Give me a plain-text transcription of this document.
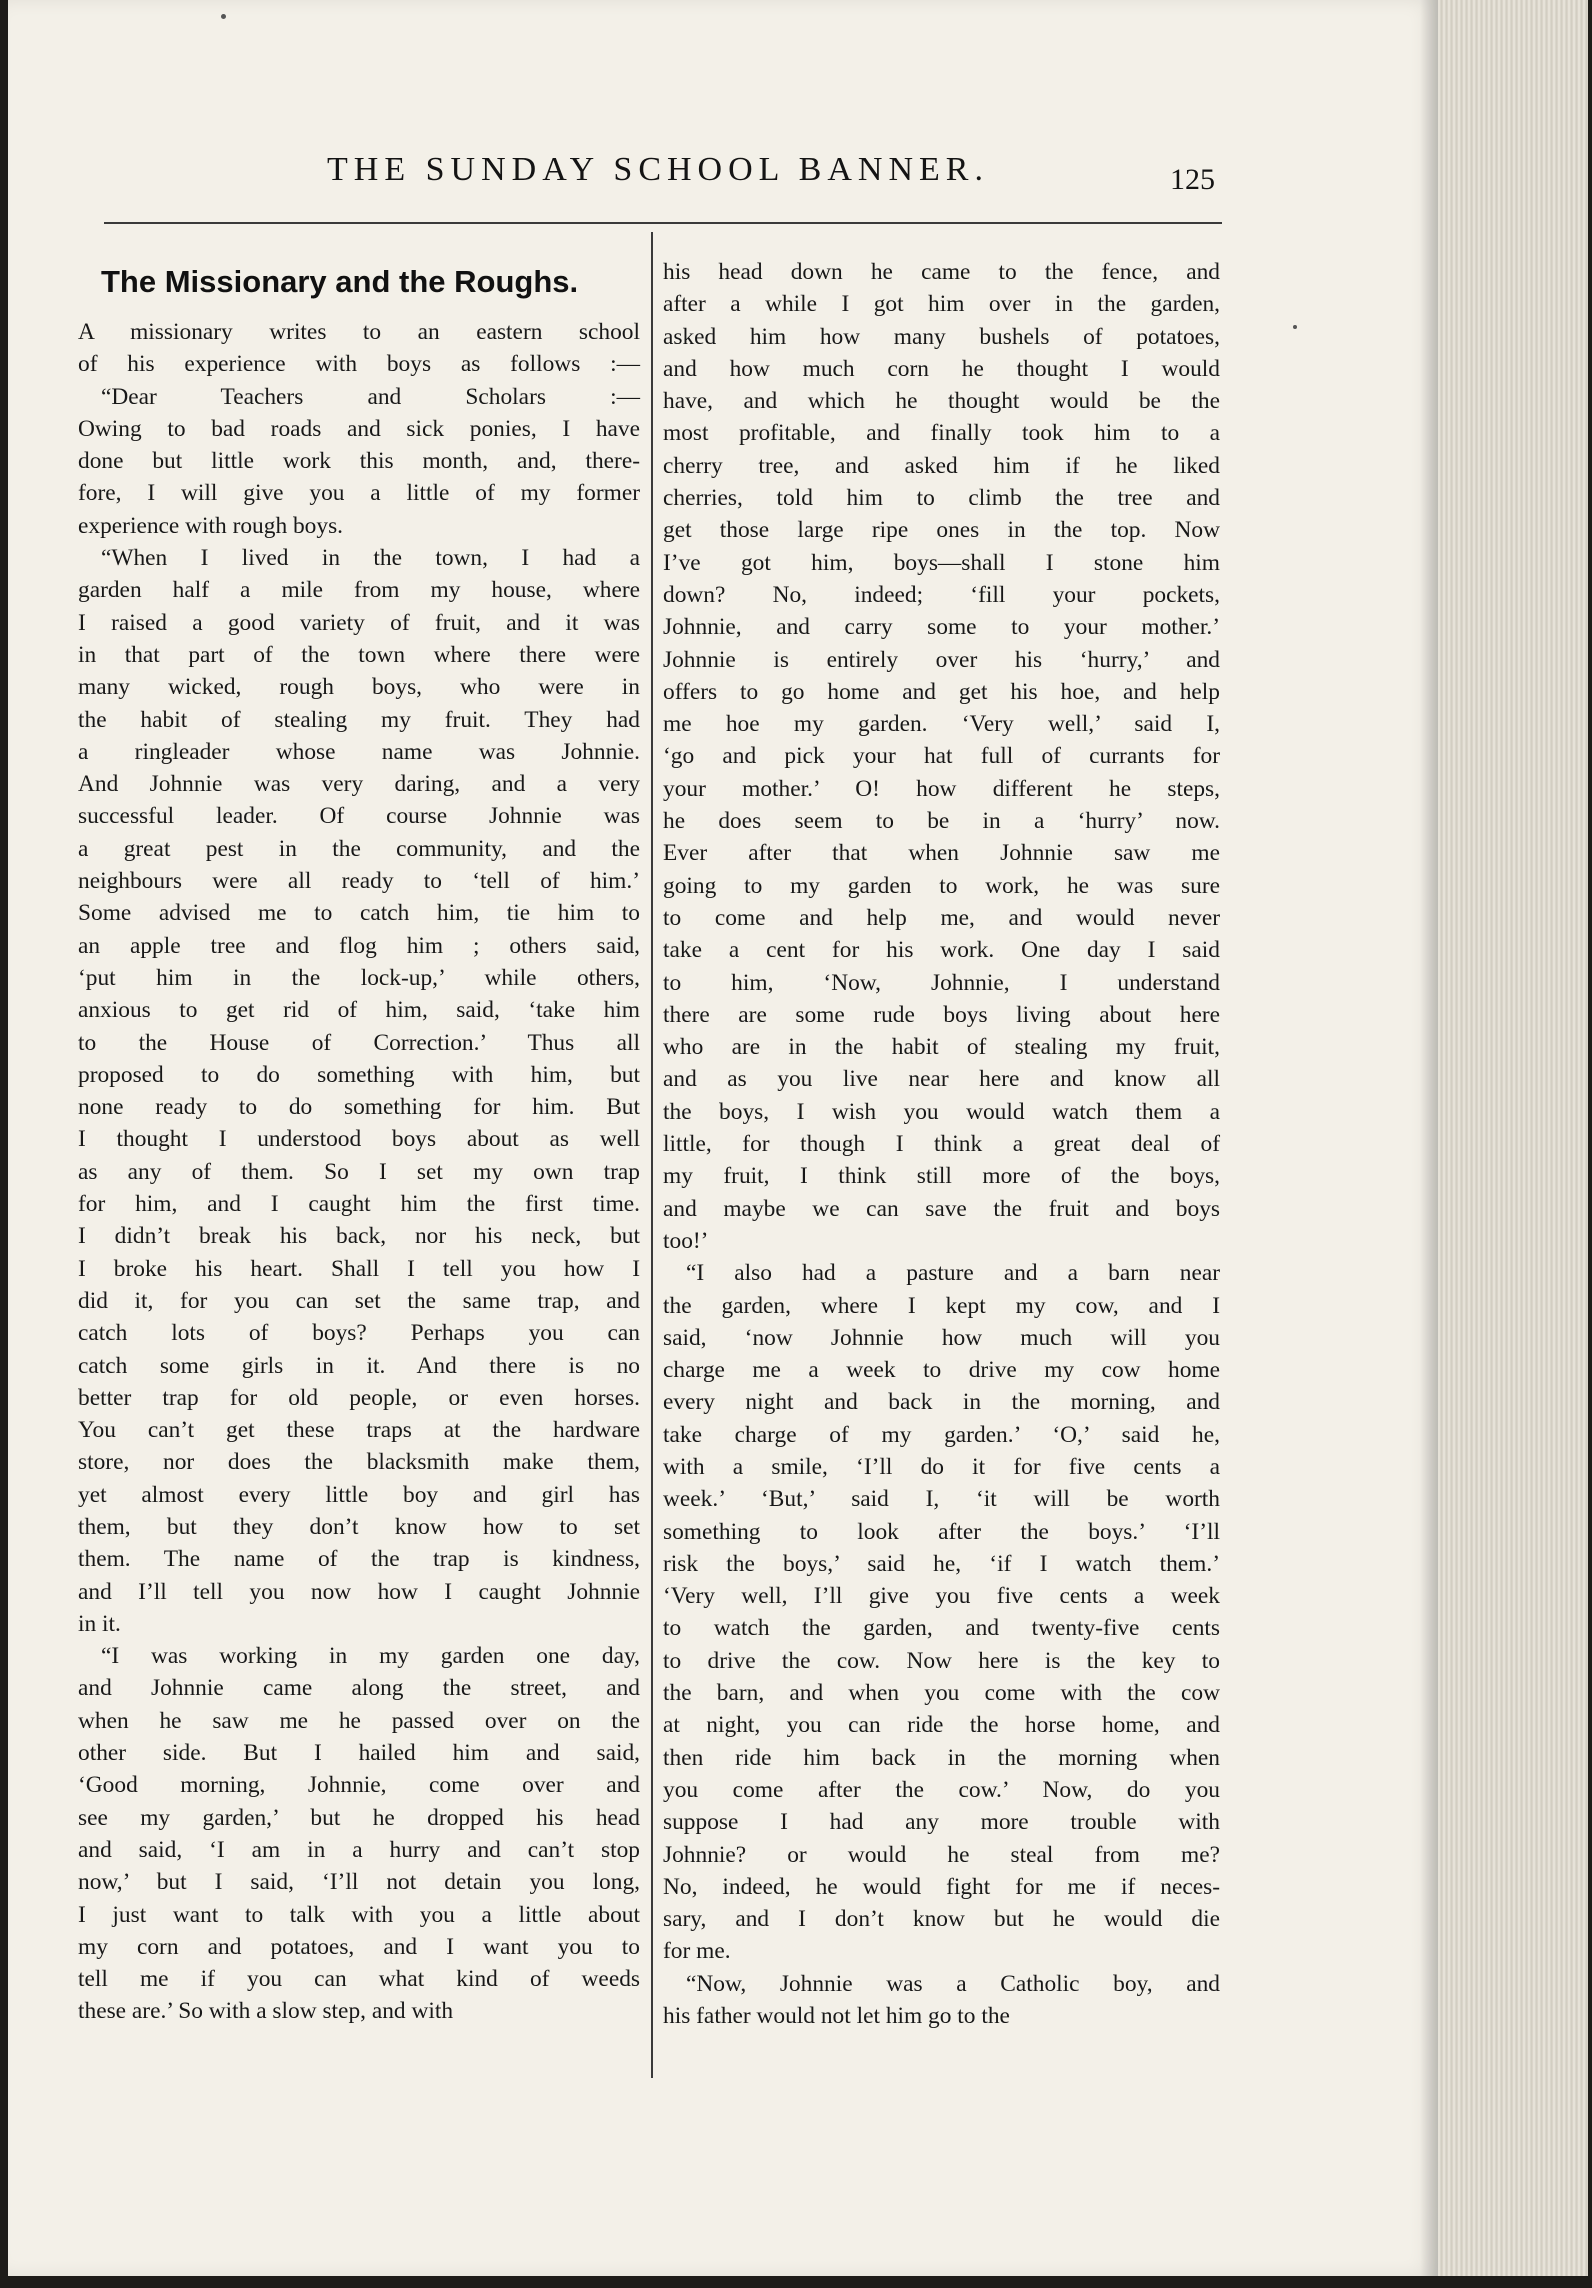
THE SUNDAY SCHOOL BANNER.	125
The Missionary and the Roughs.
A missionary writes to an eastern school
of his experience with boys as follows :—
“Dear Teachers and Scholars :—
Owing to bad roads and sick ponies, I have
done but little work this month, and, there-
fore, I will give you a little of my former
experience with rough boys.
“When I lived in the town, I had a
garden half a mile from my house, where
I raised a good variety of fruit, and it was
in that part of the town where there were
many wicked, rough boys, who were in
the habit of stealing my fruit. They had
a ringleader whose name was Johnnie.
And Johnnie was very daring, and a very
successful leader. Of course Johnnie was
a great pest in the community, and the
neighbours were all ready to ‘tell of him.’
Some advised me to catch him, tie him to
an apple tree and flog him ; others said,
‘put him in the lock-up,’ while others,
anxious to get rid of him, said, ‘take him
to the House of Correction.’ Thus all
proposed to do something with him, but
none ready to do something for him. But
I thought I understood boys about as well
as any of them. So I set my own trap
for him, and I caught him the first time.
I didn’t break his back, nor his neck, but
I broke his heart. Shall I tell you how I
did it, for you can set the same trap, and
catch lots of boys? Perhaps you can
catch some girls in it. And there is no
better trap for old people, or even horses.
You can’t get these traps at the hardware
store, nor does the blacksmith make them,
yet almost every little boy and girl has
them, but they don’t know how to set
them. The name of the trap is kindness,
and I’ll tell you now how I caught Johnnie
in it.
“I was working in my garden one day,
and Johnnie came along the street, and
when he saw me he passed over on the
other side. But I hailed him and said,
‘Good morning, Johnnie, come over and
see my garden,’ but he dropped his head
and said, ‘I am in a hurry and can’t stop
now,’ but I said, ‘I’ll not detain you long,
I just want to talk with you a little about
my corn and potatoes, and I want you to
tell me if you can what kind of weeds
these are.’ So with a slow step, and with
his head down he came to the fence, and
after a while I got him over in the garden,
asked him how many bushels of potatoes,
and how much corn he thought I would
have, and which he thought would be the
most profitable, and finally took him to a
cherry tree, and asked him if he liked
cherries, told him to climb the tree and
get those large ripe ones in the top. Now
I’ve got him, boys—shall I stone him
down? No, indeed; ‘fill your pockets,
Johnnie, and carry some to your mother.’
Johnnie is entirely over his ‘hurry,’ and
offers to go home and get his hoe, and help
me hoe my garden. ‘Very well,’ said I,
‘go and pick your hat full of currants for
your mother.’ O! how different he steps,
he does seem to be in a ‘hurry’ now.
Ever after that when Johnnie saw me
going to my garden to work, he was sure
to come and help me, and would never
take a cent for his work. One day I said
to him, ‘Now, Johnnie, I understand
there are some rude boys living about here
who are in the habit of stealing my fruit,
and as you live near here and know all
the boys, I wish you would watch them a
little, for though I think a great deal of
my fruit, I think still more of the boys,
and maybe we can save the fruit and boys
too!’
“I also had a pasture and a barn near
the garden, where I kept my cow, and I
said, ‘now Johnnie how much will you
charge me a week to drive my cow home
every night and back in the morning, and
take charge of my garden.’ ‘O,’ said he,
with a smile, ‘I’ll do it for five cents a
week.’ ‘But,’ said I, ‘it will be worth
something to look after the boys.’ ‘I’ll
risk the boys,’ said he, ‘if I watch them.’
‘Very well, I’ll give you five cents a week
to watch the garden, and twenty-five cents
to drive the cow. Now here is the key to
the barn, and when you come with the cow
at night, you can ride the horse home, and
then ride him back in the morning when
you come after the cow.’ Now, do you
suppose I had any more trouble with
Johnnie? or would he steal from me?
No, indeed, he would fight for me if neces-
sary, and I don’t know but he would die
for me.
“Now, Johnnie was a Catholic boy, and
his father would not let him go to the
